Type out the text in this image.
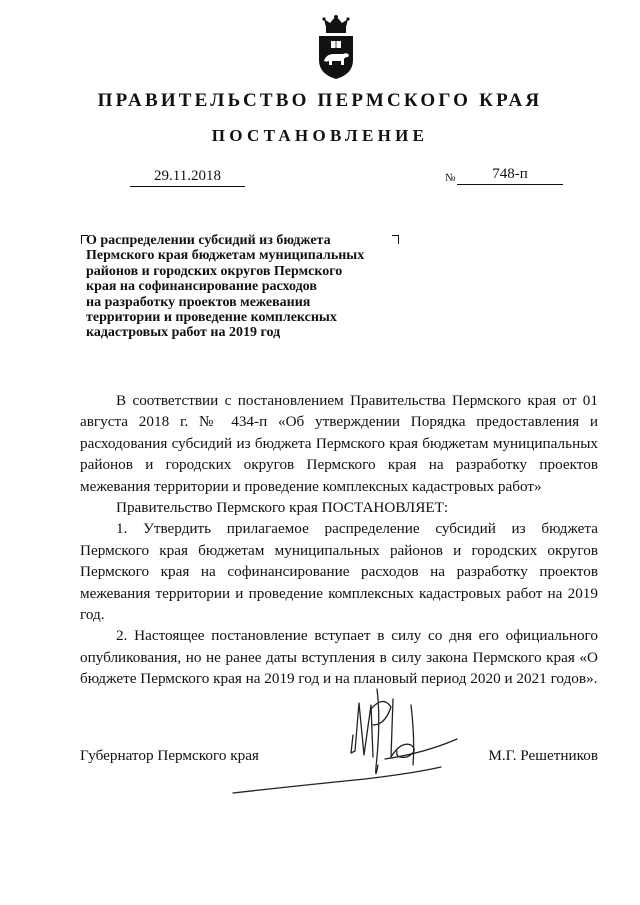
ПРАВИТЕЛЬСТВО ПЕРМСКОГО КРАЯ
ПОСТАНОВЛЕНИЕ
29.11.2018	№	748-п
О распределении субсидий из бюджета
Пермского края бюджетам муниципальных
районов и городских округов Пермского
края на софинансирование расходов
на разработку проектов межевания
территории и проведение комплексных
кадастровых работ на 2019 год

В соответствии с постановлением Правительства Пермского края от 01 августа 2018 г. № 434-п «Об утверждении Порядка предоставления и расходования субсидий из бюджета Пермского края бюджетам муниципальных районов и городских округов Пермского края на разработку проектов межевания территории и проведение комплексных кадастровых работ»

Правительство Пермского края ПОСТАНОВЛЯЕТ:

1. Утвердить прилагаемое распределение субсидий из бюджета Пермского края бюджетам муниципальных районов и городских округов Пермского края на софинансирование расходов на разработку проектов межевания территории и проведение комплексных кадастровых работ на 2019 год.

2. Настоящее постановление вступает в силу со дня его официального опубликования, но не ранее даты вступления в силу закона Пермского края «О бюджете Пермского края на 2019 год и на плановый период 2020 и 2021 годов».

Губернатор Пермского края	М.Г. Решетников
